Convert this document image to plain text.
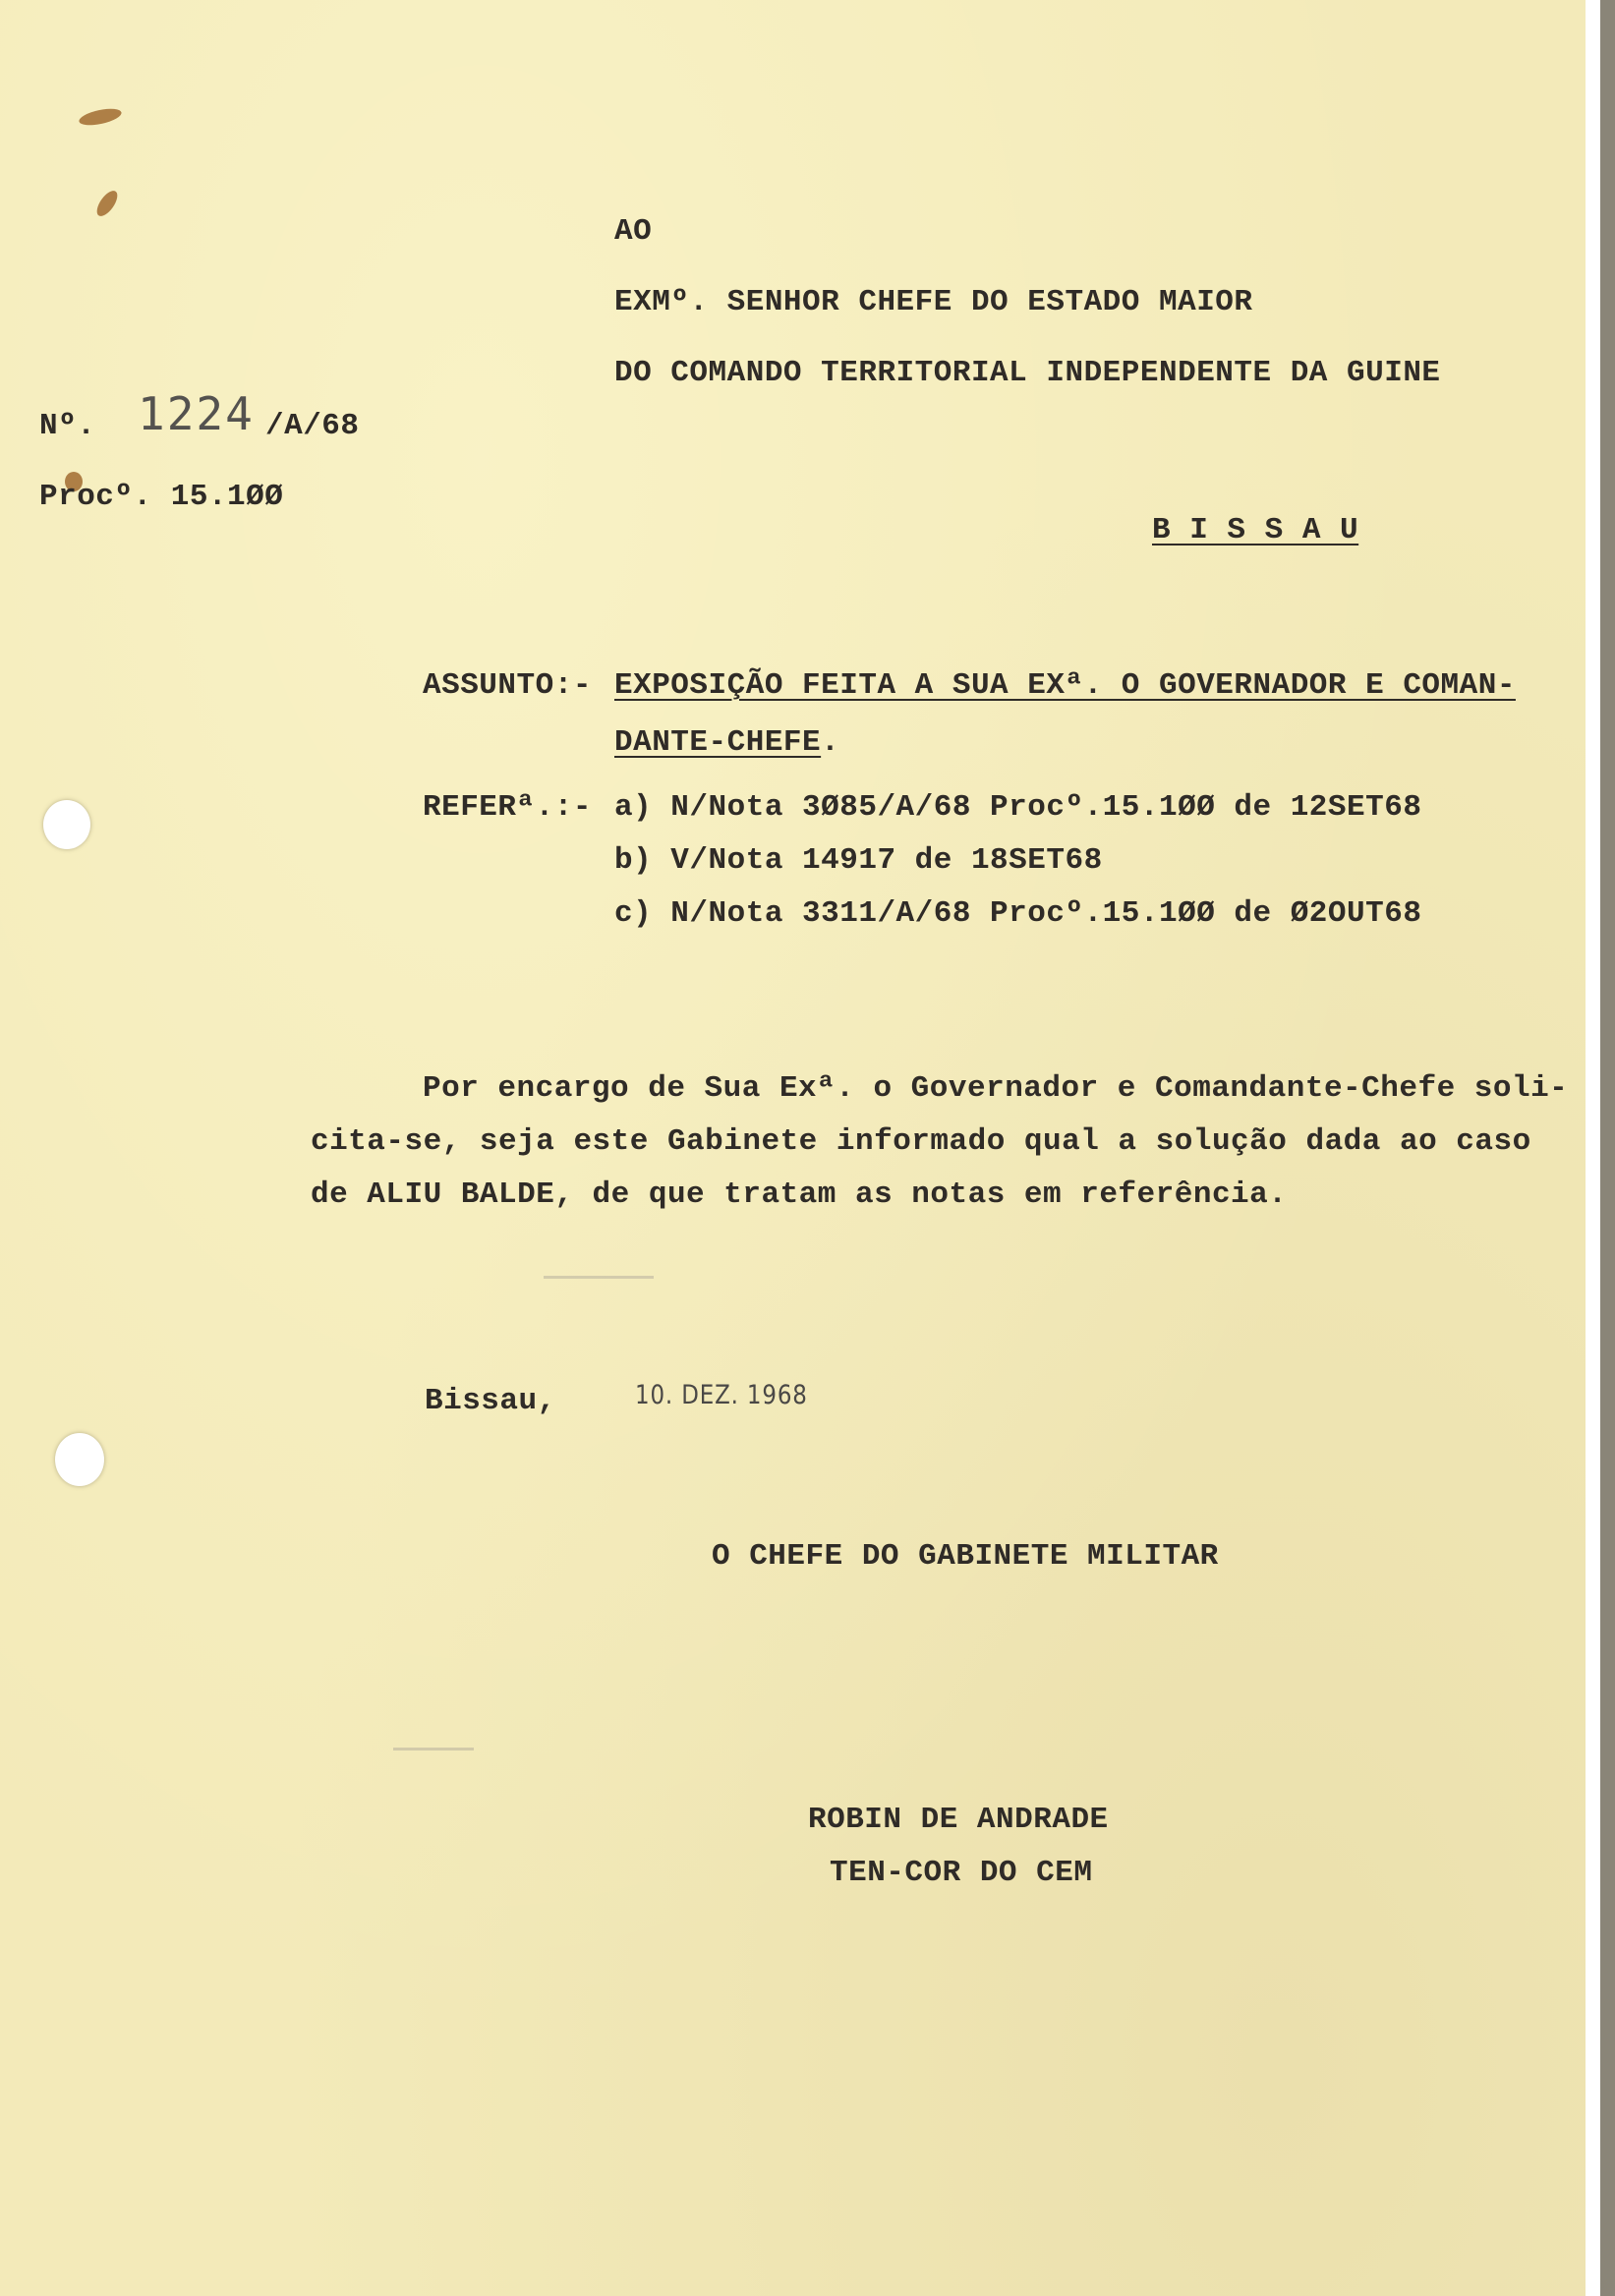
AO
EXMº. SENHOR CHEFE DO ESTADO MAIOR
DO COMANDO TERRITORIAL INDEPENDENTE DA GUINE
Nº. 1224 /A/68
Procº. 15.1ØØ
B I S S A U
ASSUNTO:- EXPOSIÇÃO FEITA A SUA EXª. O GOVERNADOR E COMAN-
DANTE-CHEFE.
REFERª.:- a) N/Nota 3Ø85/A/68 Procº.15.1ØØ de 12SET68
b) V/Nota 14917 de 18SET68
c) N/Nota 3311/A/68 Procº.15.1ØØ de Ø2OUT68
Por encargo de Sua Exª. o Governador e Comandante-Chefe soli-
cita-se, seja este Gabinete informado qual a solução dada ao caso
de ALIU BALDE, de que tratam as notas em referência.
Bissau,	10. DEZ. 1968
O CHEFE DO GABINETE MILITAR
ROBIN DE ANDRADE
TEN-COR DO CEM
